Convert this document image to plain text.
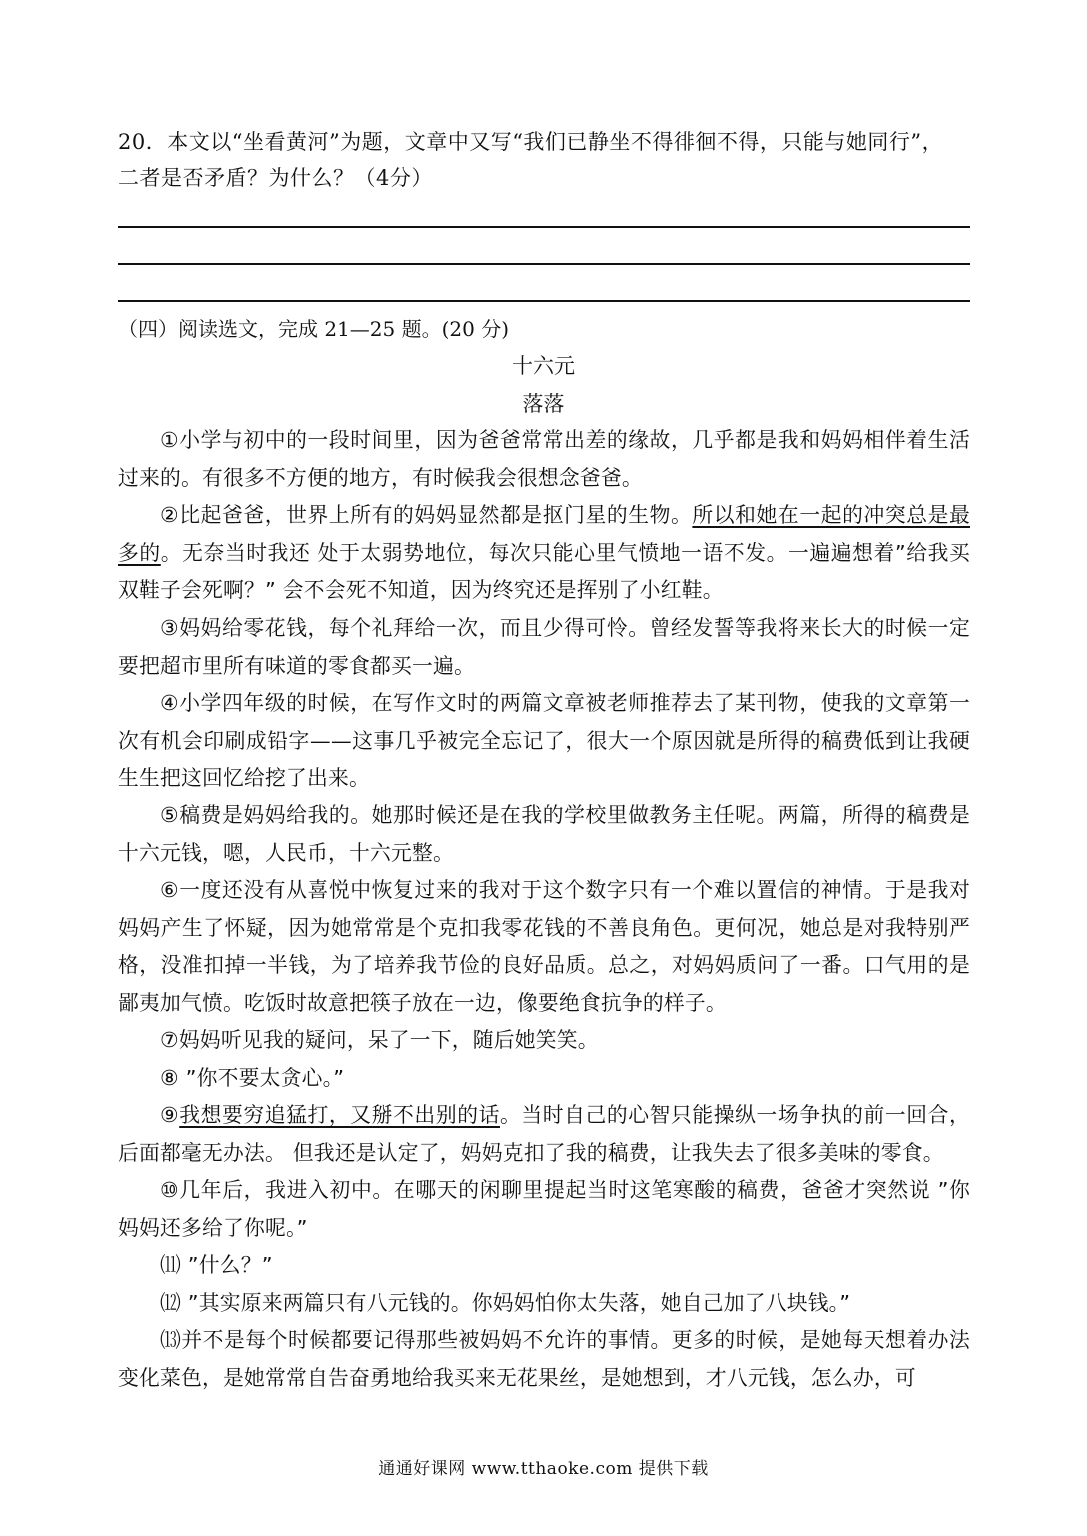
20．本文以“坐看黄河”为题，文章中又写“我们已静坐不得徘徊不得，只能与她同行”，
二者是否矛盾？为什么？（4分）
（四）阅读选文，完成 21—25 题。(20 分)
十六元
落落
①小学与初中的一段时间里，因为爸爸常常出差的缘故，几乎都是我和妈妈相伴着生活过来的。有很多不方便的地方，有时候我会很想念爸爸。
②比起爸爸，世界上所有的妈妈显然都是抠门星的生物。所以和她在一起的冲突总是最多的。无奈当时我还 处于太弱势地位，每次只能心里气愤地一语不发。一遍遍想着”给我买双鞋子会死啊？” 会不会死不知道，因为终究还是挥别了小红鞋。
③妈妈给零花钱，每个礼拜给一次，而且少得可怜。曾经发誓等我将来长大的时候一定要把超市里所有味道的零食都买一遍。
④小学四年级的时候，在写作文时的两篇文章被老师推荐去了某刊物，使我的文章第一次有机会印刷成铅字——这事几乎被完全忘记了，很大一个原因就是所得的稿费低到让我硬生生把这回忆给挖了出来。
⑤稿费是妈妈给我的。她那时候还是在我的学校里做教务主任呢。两篇，所得的稿费是十六元钱，嗯，人民币，十六元整。
⑥一度还没有从喜悦中恢复过来的我对于这个数字只有一个难以置信的神情。于是我对妈妈产生了怀疑，因为她常常是个克扣我零花钱的不善良角色。更何况，她总是对我特别严格，没准扣掉一半钱，为了培养我节俭的良好品质。总之，对妈妈质问了一番。口气用的是鄙夷加气愤。吃饭时故意把筷子放在一边，像要绝食抗争的样子。
⑦妈妈听见我的疑问，呆了一下，随后她笑笑。
⑧ ”你不要太贪心。”
⑨我想要穷追猛打，又掰不出别的话。当时自己的心智只能操纵一场争执的前一回合，后面都毫无办法。 但我还是认定了，妈妈克扣了我的稿费，让我失去了很多美味的零食。
⑩几年后，我进入初中。在哪天的闲聊里提起当时这笔寒酸的稿费，爸爸才突然说 ”你妈妈还多给了你呢。”
⑾ ”什么？”
⑿ ”其实原来两篇只有八元钱的。你妈妈怕你太失落，她自己加了八块钱。”
⒀并不是每个时候都要记得那些被妈妈不允许的事情。更多的时候，是她每天想着办法变化菜色，是她常常自告奋勇地给我买来无花果丝，是她想到，才八元钱，怎么办，可
通通好课网 www.tthaoke.com 提供下载
